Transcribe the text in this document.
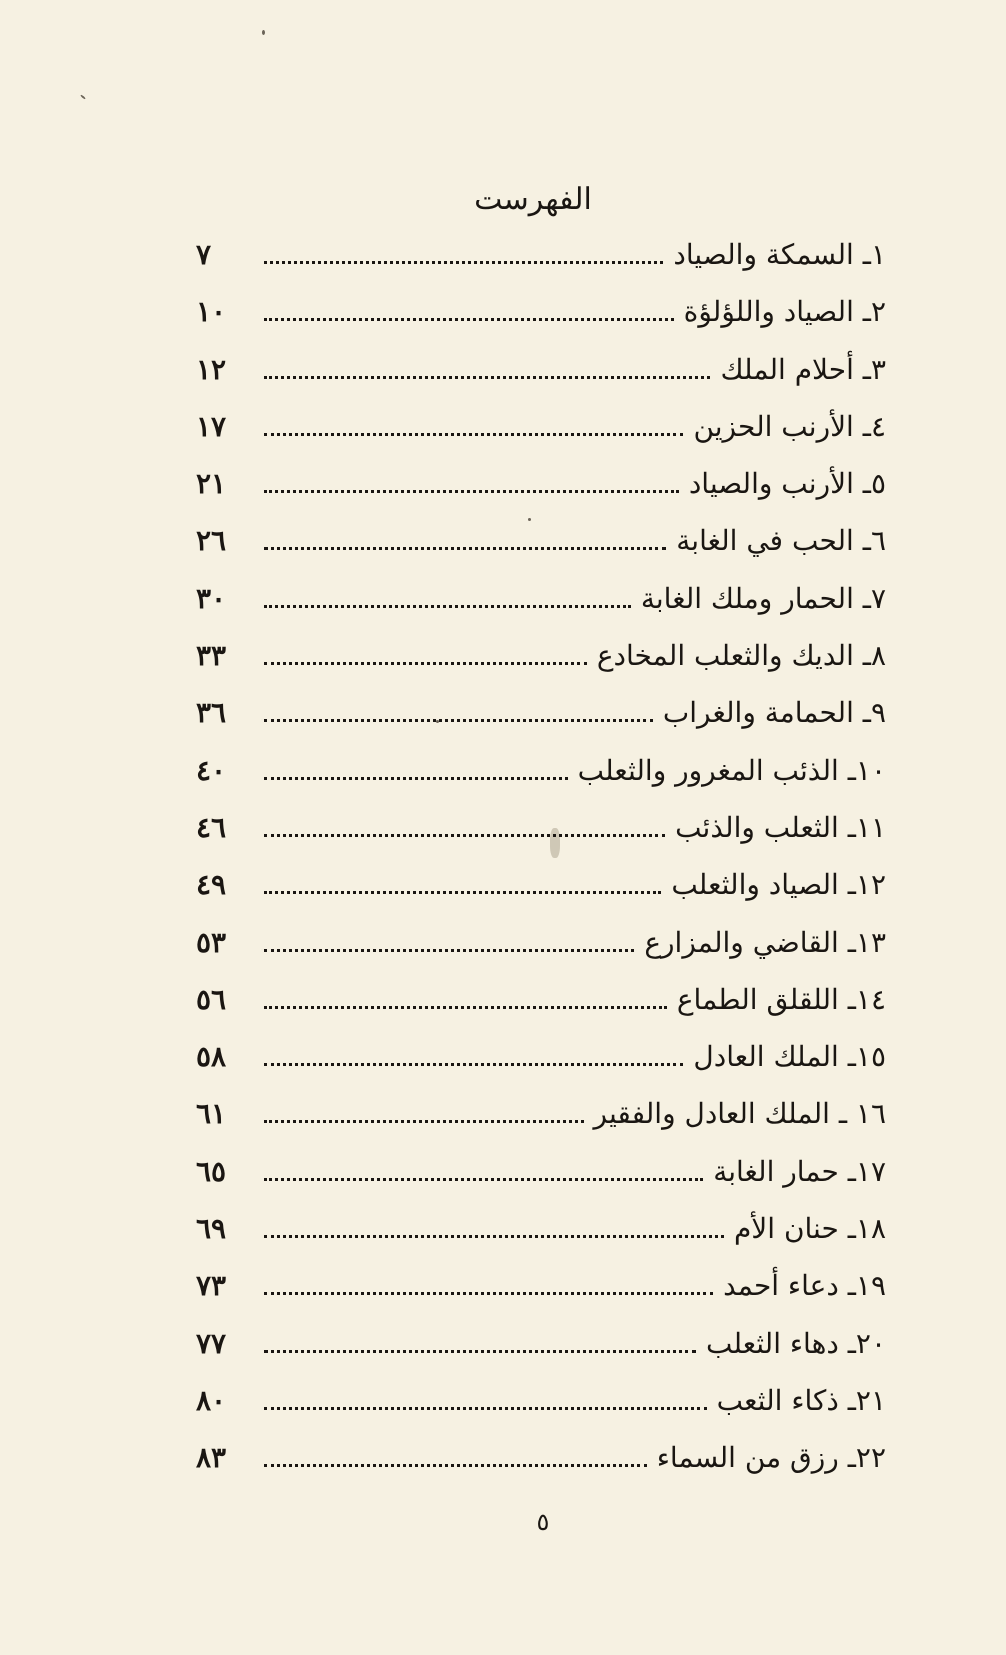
الفهرست
١ـ السمكة والصياد
٧
٢ـ الصياد واللؤلؤة
١٠
٣ـ أحلام الملك
١٢
٤ـ الأرنب الحزين
١٧
٥ـ الأرنب والصياد
٢١
٦ـ الحب في الغابة
٢٦
٧ـ الحمار وملك الغابة
٣٠
٨ـ الديك والثعلب المخادع
٣٣
٩ـ الحمامة والغراب
٣٦
١٠ـ الذئب المغرور والثعلب
٤٠
١١ـ الثعلب والذئب
٤٦
١٢ـ الصياد والثعلب
٤٩
١٣ـ القاضي والمزارع
٥٣
١٤ـ اللقلق الطماع
٥٦
١٥ـ الملك العادل
٥٨
١٦ ـ الملك العادل والفقير
٦١
١٧ـ حمار الغابة
٦٥
١٨ـ حنان الأم
٦٩
١٩ـ دعاء أحمد
٧٣
٢٠ـ دهاء الثعلب
٧٧
٢١ـ ذكاء الثعب
٨٠
٢٢ـ رزق من السماء
٨٣
٥
